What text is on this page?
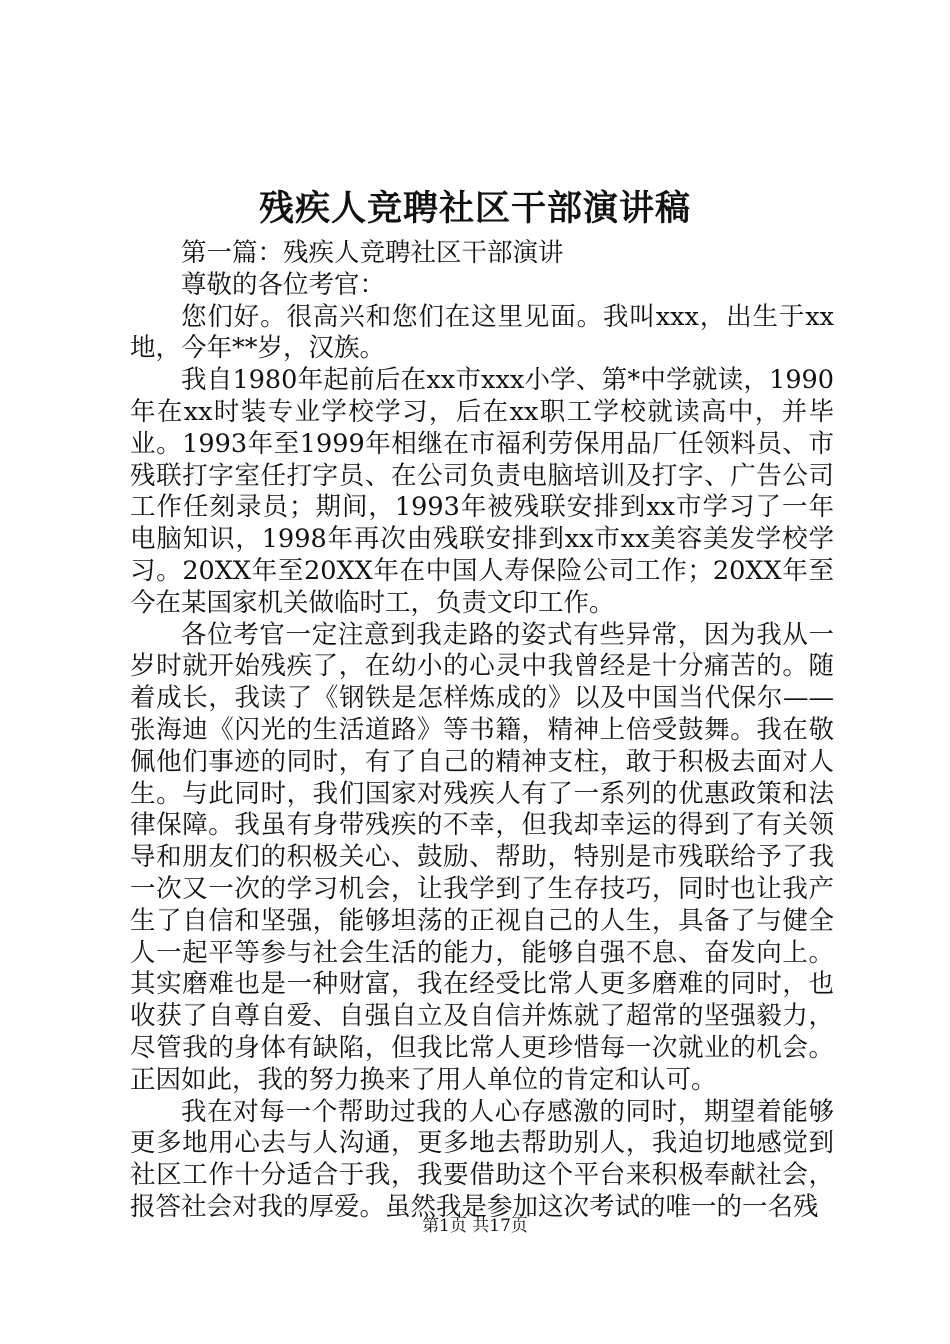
残疾人竞聘社区干部演讲稿

第一篇：残疾人竞聘社区干部演讲

尊敬的各位考官：

您们好。很高兴和您们在这里见面。我叫xxx，出生于xx地，今年**岁，汉族。

我自1980年起前后在xx市xxx小学、第*中学就读，1990年在xx时装专业学校学习，后在xx职工学校就读高中，并毕业。1993年至1999年相继在市福利劳保用品厂任领料员、市残联打字室任打字员、在公司负责电脑培训及打字、广告公司工作任刻录员；期间，1993年被残联安排到xx市学习了一年电脑知识，1998年再次由残联安排到xx市xx美容美发学校学习。20XX年至20XX年在中国人寿保险公司工作；20XX年至今在某国家机关做临时工，负责文印工作。

各位考官一定注意到我走路的姿式有些异常，因为我从一岁时就开始残疾了，在幼小的心灵中我曾经是十分痛苦的。随着成长，我读了《钢铁是怎样炼成的》以及中国当代保尔——张海迪《闪光的生活道路》等书籍，精神上倍受鼓舞。我在敬佩他们事迹的同时，有了自己的精神支柱，敢于积极去面对人生。与此同时，我们国家对残疾人有了一系列的优惠政策和法律保障。我虽有身带残疾的不幸，但我却幸运的得到了有关领导和朋友们的积极关心、鼓励、帮助，特别是市残联给予了我一次又一次的学习机会，让我学到了生存技巧，同时也让我产生了自信和坚强，能够坦荡的正视自己的人生，具备了与健全人一起平等参与社会生活的能力，能够自强不息、奋发向上。其实磨难也是一种财富，我在经受比常人更多磨难的同时，也收获了自尊自爱、自强自立及自信并炼就了超常的坚强毅力，尽管我的身体有缺陷，但我比常人更珍惜每一次就业的机会。正因如此，我的努力换来了用人单位的肯定和认可。

我在对每一个帮助过我的人心存感激的同时，期望着能够更多地用心去与人沟通，更多地去帮助别人，我迫切地感觉到社区工作十分适合于我，我要借助这个平台来积极奉献社会，报答社会对我的厚爱。虽然我是参加这次考试的唯一的一名残

第1页 共17页
